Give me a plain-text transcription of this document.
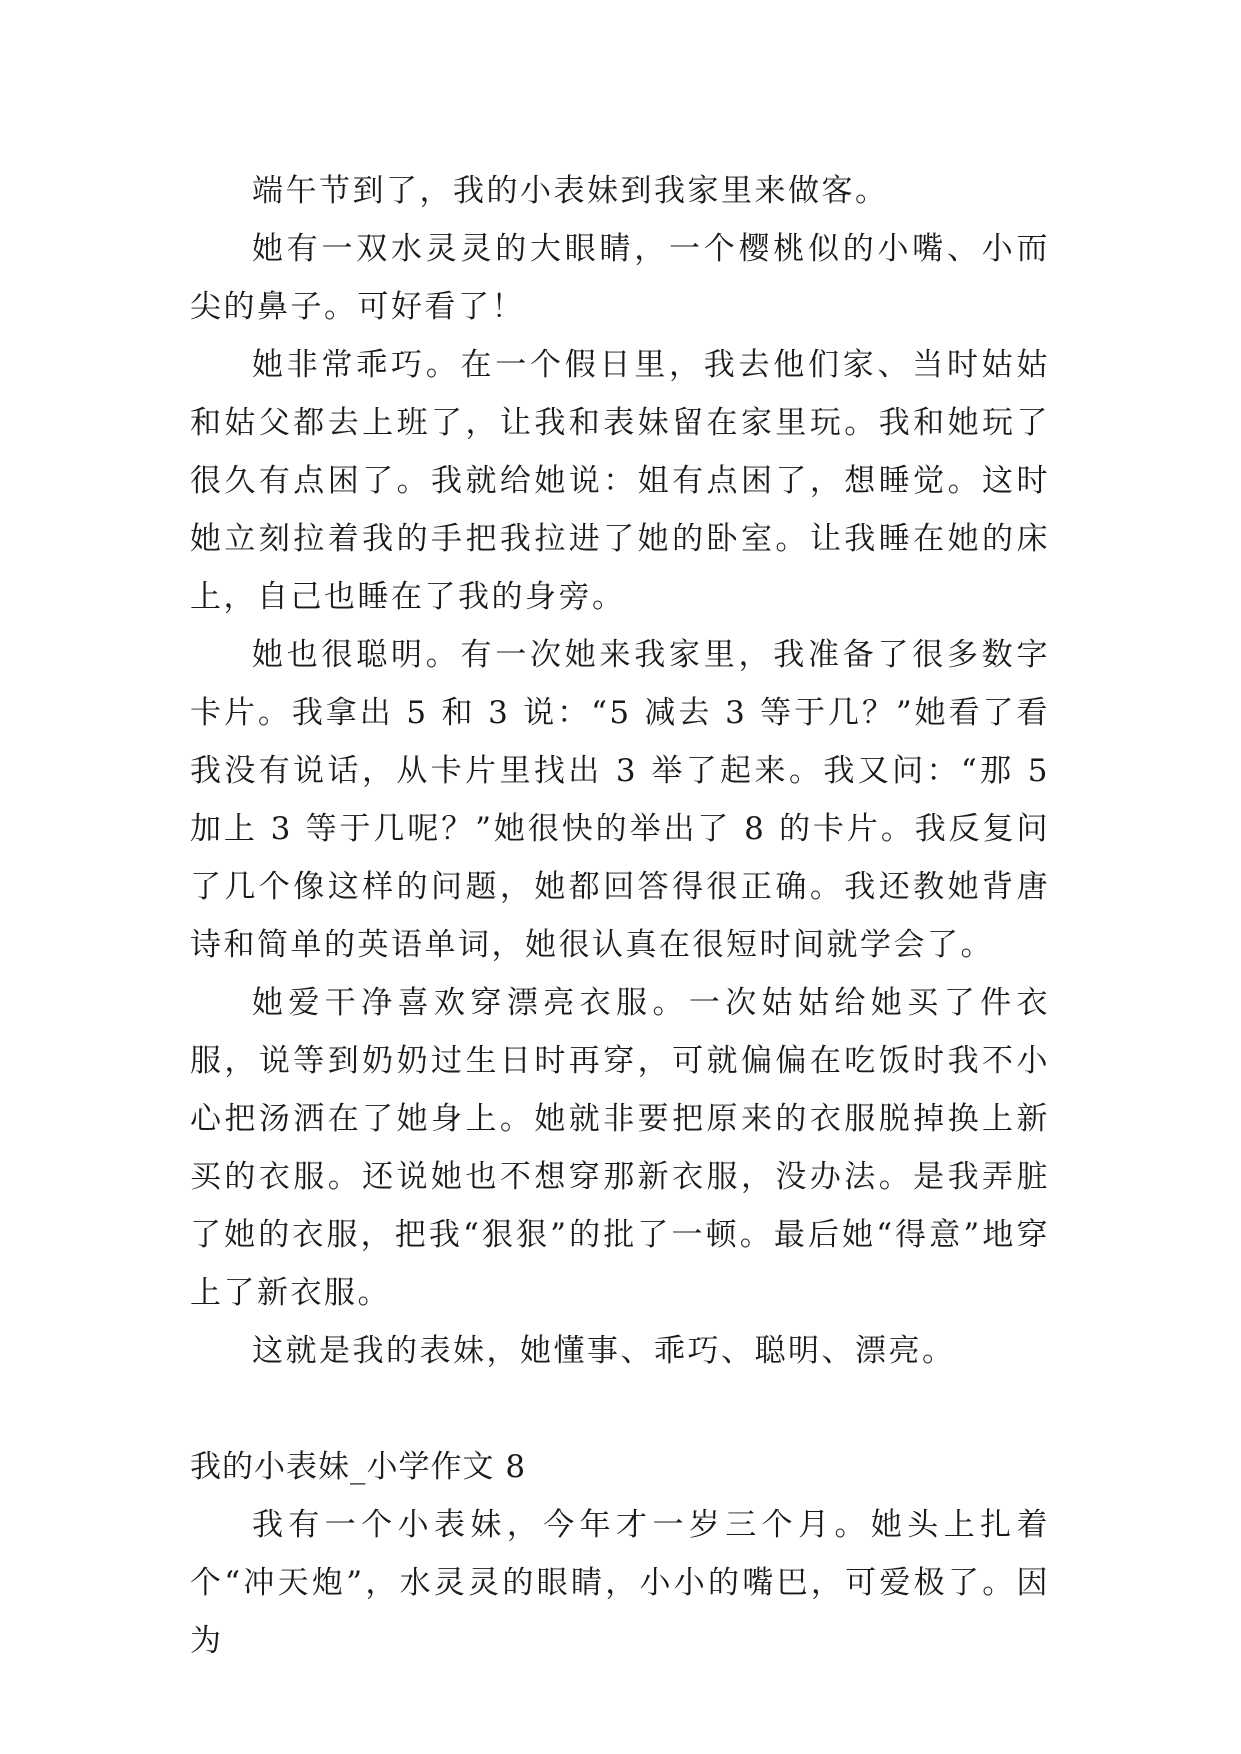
端午节到了，我的小表妹到我家里来做客。

她有一双水灵灵的大眼睛，一个樱桃似的小嘴、小而尖的鼻子。可好看了！

她非常乖巧。在一个假日里，我去他们家、当时姑姑和姑父都去上班了，让我和表妹留在家里玩。我和她玩了很久有点困了。我就给她说：姐有点困了，想睡觉。这时她立刻拉着我的手把我拉进了她的卧室。让我睡在她的床上，自己也睡在了我的身旁。

她也很聪明。有一次她来我家里，我准备了很多数字卡片。我拿出 5 和 3 说：“5 减去 3 等于几？”她看了看我没有说话，从卡片里找出 3 举了起来。我又问：“那 5 加上 3 等于几呢？”她很快的举出了 8 的卡片。我反复问了几个像这样的问题，她都回答得很正确。我还教她背唐诗和简单的英语单词，她很认真在很短时间就学会了。

她爱干净喜欢穿漂亮衣服。一次姑姑给她买了件衣服，说等到奶奶过生日时再穿，可就偏偏在吃饭时我不小心把汤洒在了她身上。她就非要把原来的衣服脱掉换上新买的衣服。还说她也不想穿那新衣服，没办法。是我弄脏了她的衣服，把我“狠狠”的批了一顿。最后她“得意”地穿上了新衣服。

这就是我的表妹，她懂事、乖巧、聪明、漂亮。

我的小表妹_小学作文 8

我有一个小表妹，今年才一岁三个月。她头上扎着个“冲天炮”，水灵灵的眼睛，小小的嘴巴，可爱极了。因为
